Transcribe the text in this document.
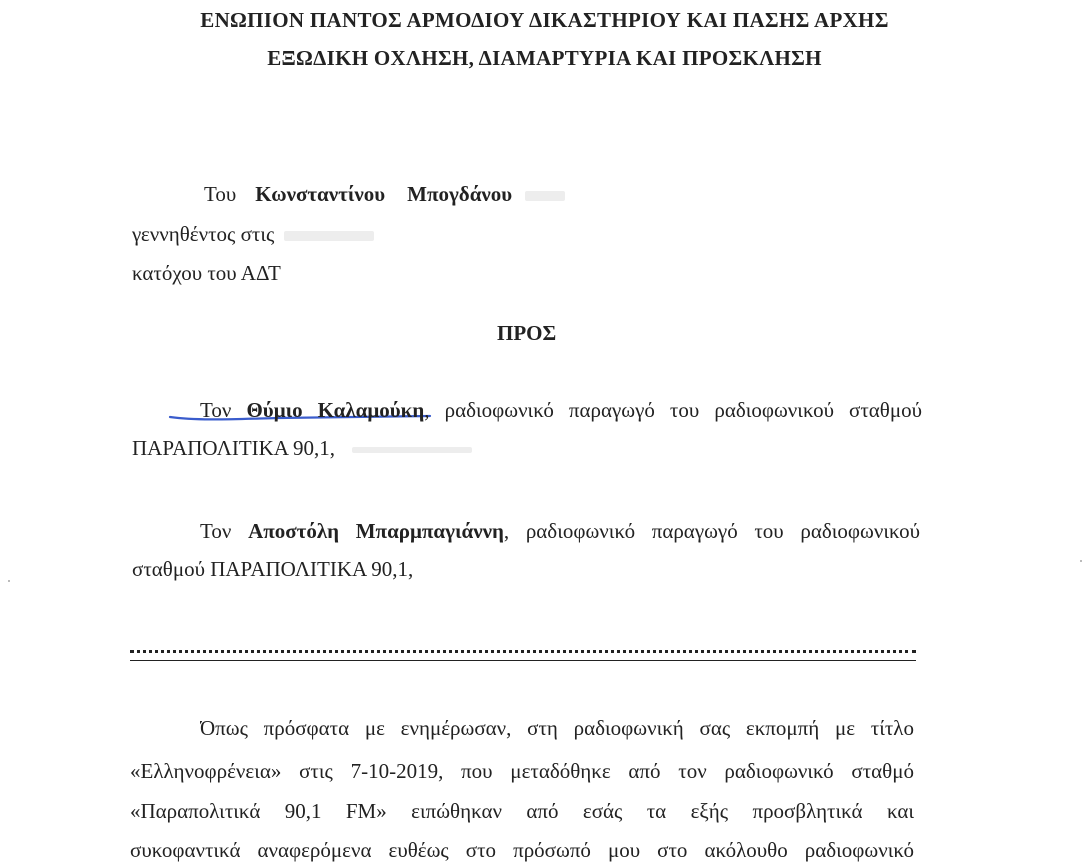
ΕΝΩΠΙΟΝ ΠΑΝΤΟΣ ΑΡΜΟΔΙΟΥ ΔΙΚΑΣΤΗΡΙΟΥ ΚΑΙ ΠΑΣΗΣ ΑΡΧΗΣ
ΕΞΩΔΙΚΗ ΟΧΛΗΣΗ, ΔΙΑΜΑΡΤΥΡΙΑ ΚΑΙ ΠΡΟΣΚΛΗΣΗ
Του Κωνσταντίνου Μπογδάνου
γεννηθέντος στις
κατόχου του ΑΔΤ
ΠΡΟΣ
Τον Θύμιο Καλαμούκη, ραδιοφωνικό παραγωγό του ραδιοφωνικού σταθμού
ΠΑΡΑΠΟΛΙΤΙΚΑ 90,1,
Τον Αποστόλη Μπαρμπαγιάννη, ραδιοφωνικό παραγωγό του ραδιοφωνικού
σταθμού ΠΑΡΑΠΟΛΙΤΙΚΑ 90,1,
Όπως πρόσφατα με ενημέρωσαν, στη ραδιοφωνική σας εκπομπή με τίτλο
«Ελληνοφρένεια» στις 7-10-2019, που μεταδόθηκε από τον ραδιοφωνικό σταθμό
«Παραπολιτικά 90,1 FM» ειπώθηκαν από εσάς τα εξής προσβλητικά και
συκοφαντικά αναφερόμενα ευθέως στο πρόσωπό μου στο ακόλουθο ραδιοφωνικό
